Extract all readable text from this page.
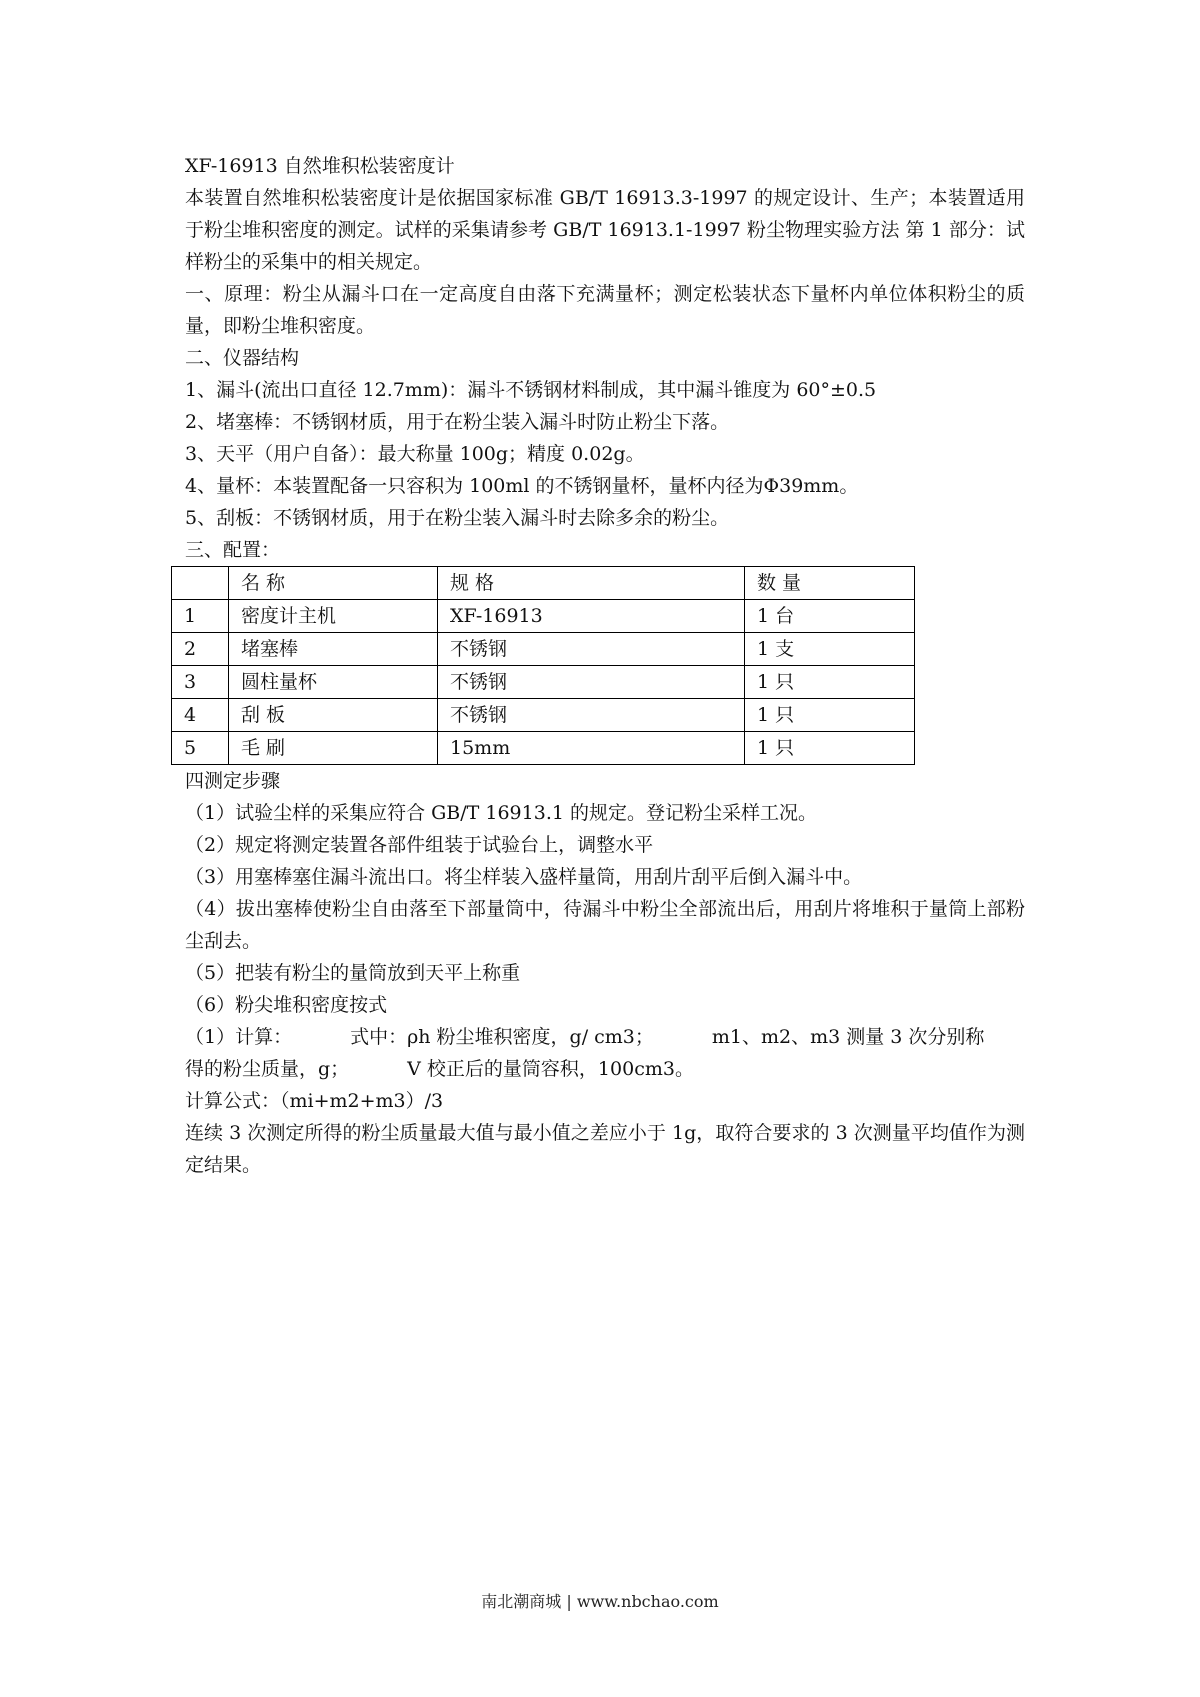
XF-16913 自然堆积松装密度计

本装置自然堆积松装密度计是依据国家标准 GB/T 16913.3-1997 的规定设计、生产；本装置适用于粉尘堆积密度的测定。试样的采集请参考 GB/T 16913.1-1997 粉尘物理实验方法 第 1 部分：试样粉尘的采集中的相关规定。

一、原理：粉尘从漏斗口在一定高度自由落下充满量杯；测定松装状态下量杯内单位体积粉尘的质量，即粉尘堆积密度。

二、仪器结构

1、漏斗(流出口直径 12.7mm)：漏斗不锈钢材料制成，其中漏斗锥度为 60°±0.5

2、堵塞棒：不锈钢材质，用于在粉尘装入漏斗时防止粉尘下落。

3、天平（用户自备）：最大称量 100g；精度 0.02g。

4、量杯：本装置配备一只容积为 100ml 的不锈钢量杯，量杯内径为Φ39mm。

5、刮板：不锈钢材质，用于在粉尘装入漏斗时去除多余的粉尘。

三、配置：

	名 称	规 格	数 量
1	密度计主机	XF-16913	1 台
2	堵塞棒	不锈钢	1 支
3	圆柱量杯	不锈钢	1 只
4	刮 板	不锈钢	1 只
5	毛 刷	15mm	1 只

四测定步骤

（1）试验尘样的采集应符合 GB/T 16913.1 的规定。登记粉尘采样工况。

（2）规定将测定装置各部件组装于试验台上，调整水平

（3）用塞棒塞住漏斗流出口。将尘样装入盛样量筒，用刮片刮平后倒入漏斗中。

（4）拔出塞棒使粉尘自由落至下部量筒中，待漏斗中粉尘全部流出后，用刮片将堆积于量筒上部粉尘刮去。

（5）把装有粉尘的量筒放到天平上称重

（6）粉尖堆积密度按式

（1）计算：	式中：ρh 粉尘堆积密度，g/ cm3；	m1、m2、m3 测量 3 次分别称

得的粉尘质量，g；	V 校正后的量筒容积，100cm3。

计算公式：（mi+m2+m3）/3

连续 3 次测定所得的粉尘质量最大值与最小值之差应小于 1g，取符合要求的 3 次测量平均值作为测定结果。

南北潮商城 | www.nbchao.com
